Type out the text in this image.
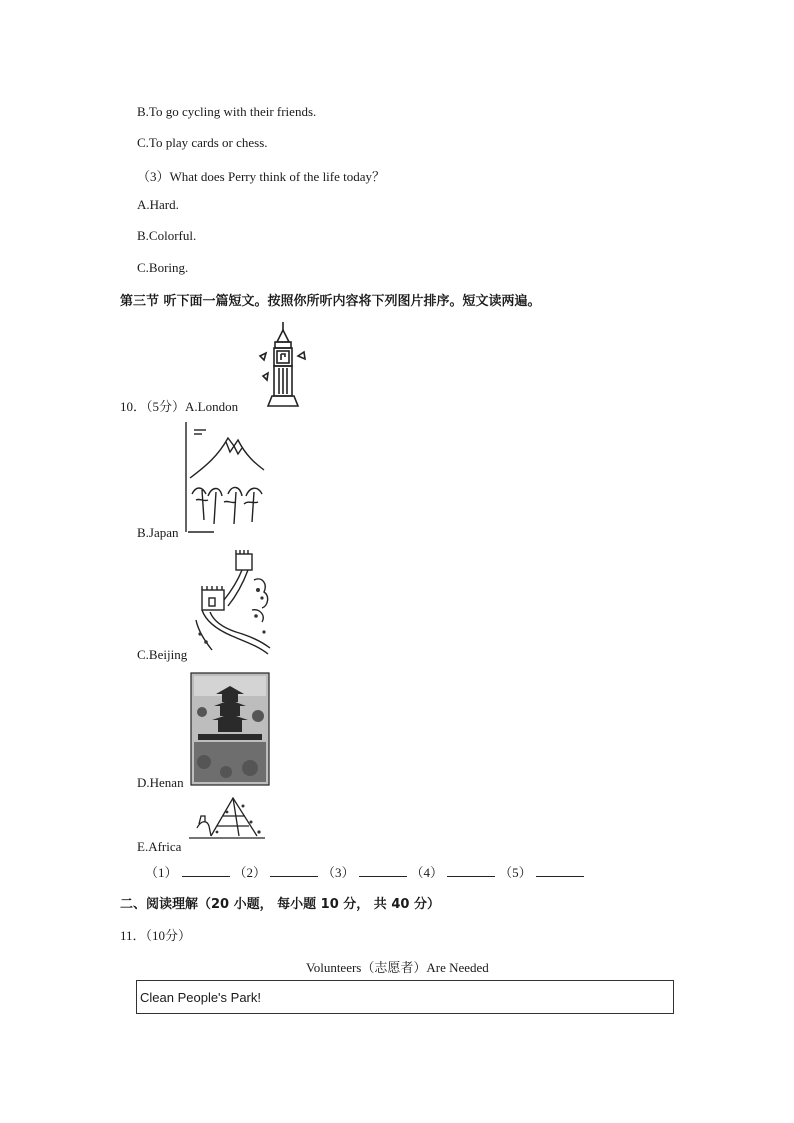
B.To go cycling with their friends.
C.To play cards or chess.
（3）What does Perry think of the life today？
A.Hard.
B.Colorful.
C.Boring.
第三节 听下面一篇短文。按照你所听内容将下列图片排序。短文读两遍。
10．（5分）A.London
B.Japan
C.Beijing
D.Henan
E.Africa
（1）	（2）	（3）	（4）	（5）
二、阅读理解（20 小题， 每小题 10 分， 共 40 分）
11．（10分）
Volunteers（志愿者）Are Needed
Clean People's Park!
